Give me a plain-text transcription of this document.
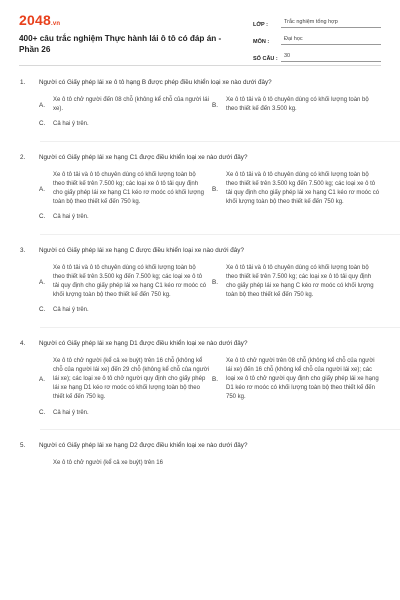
2048.vn
400+ câu trắc nghiệm Thực hành lái ô tô có đáp án - Phần 26
LỚP :	Trắc nghiệm tổng hợp
MÔN :	Đại học
SỐ CÂU :	30
1.	Người có Giấy phép lái xe ô tô hạng B được phép điều khiển loại xe nào dưới đây?
A.
Xe ô tô chở người đến 08 chỗ (không kể chỗ của người lái xe).
B.
Xe ô tô tải và ô tô chuyên dùng có khối lượng toàn bộ theo thiết kế đến 3.500 kg.
C.	Cả hai ý trên.
2.	Người có Giấy phép lái xe hạng C1 được điều khiển loại xe nào dưới đây?
A.
Xe ô tô tải và ô tô chuyên dùng có khối lượng toàn bộ theo thiết kế trên 7.500 kg; các loại xe ô tô tải quy định cho giấy phép lái xe hạng C1 kéo rơ moóc có khối lượng toàn bộ theo thiết kế đến 750 kg.
B.
Xe ô tô tải và ô tô chuyên dùng có khối lượng toàn bộ theo thiết kế trên 3.500 kg đến 7.500 kg; các loại xe ô tô tải quy định cho giấy phép lái xe hạng C1 kéo rơ moóc có khối lượng toàn bộ theo thiết kế đến 750 kg.
C.	Cả hai ý trên.
3.	Người có Giấy phép lái xe hạng C được điều khiển loại xe nào dưới đây?
A.
Xe ô tô tải và ô tô chuyên dùng có khối lượng toàn bộ theo thiết kế trên 3.500 kg đến 7.500 kg; các loại xe ô tô tải quy định cho giấy phép lái xe hạng C1 kéo rơ moóc có khối lượng toàn bộ theo thiết kế đến 750 kg.
B.
Xe ô tô tải và ô tô chuyên dùng có khối lượng toàn bộ theo thiết kế trên 7.500 kg; các loại xe ô tô tải quy định cho giấy phép lái xe hạng C kéo rơ moóc có khối lượng toàn bộ theo thiết kế đến 750 kg.
C.	Cả hai ý trên.
4.	Người có Giấy phép lái xe hạng D1 được điều khiển loại xe nào dưới đây?
A.
Xe ô tô chở người (kể cả xe buýt) trên 16 chỗ (không kể chỗ của người lái xe) đến 29 chỗ (không kể chỗ của người lái xe); các loại xe ô tô chở người quy định cho giấy phép lái xe hạng D1 kéo rơ moóc có khối lượng toàn bộ theo thiết kế đến 750 kg.
B.
Xe ô tô chở người trên 08 chỗ (không kể chỗ của người lái xe) đến 16 chỗ (không kể chỗ của người lái xe); các loại xe ô tô chở người quy định cho giấy phép lái xe hạng D1 kéo rơ moóc có khối lượng toàn bộ theo thiết kế đến 750 kg.
C.	Cả hai ý trên.
5.	Người có Giấy phép lái xe hạng D2 được điều khiển loại xe nào dưới đây?
Xe ô tô chở người (kể cả xe buýt) trên 16
